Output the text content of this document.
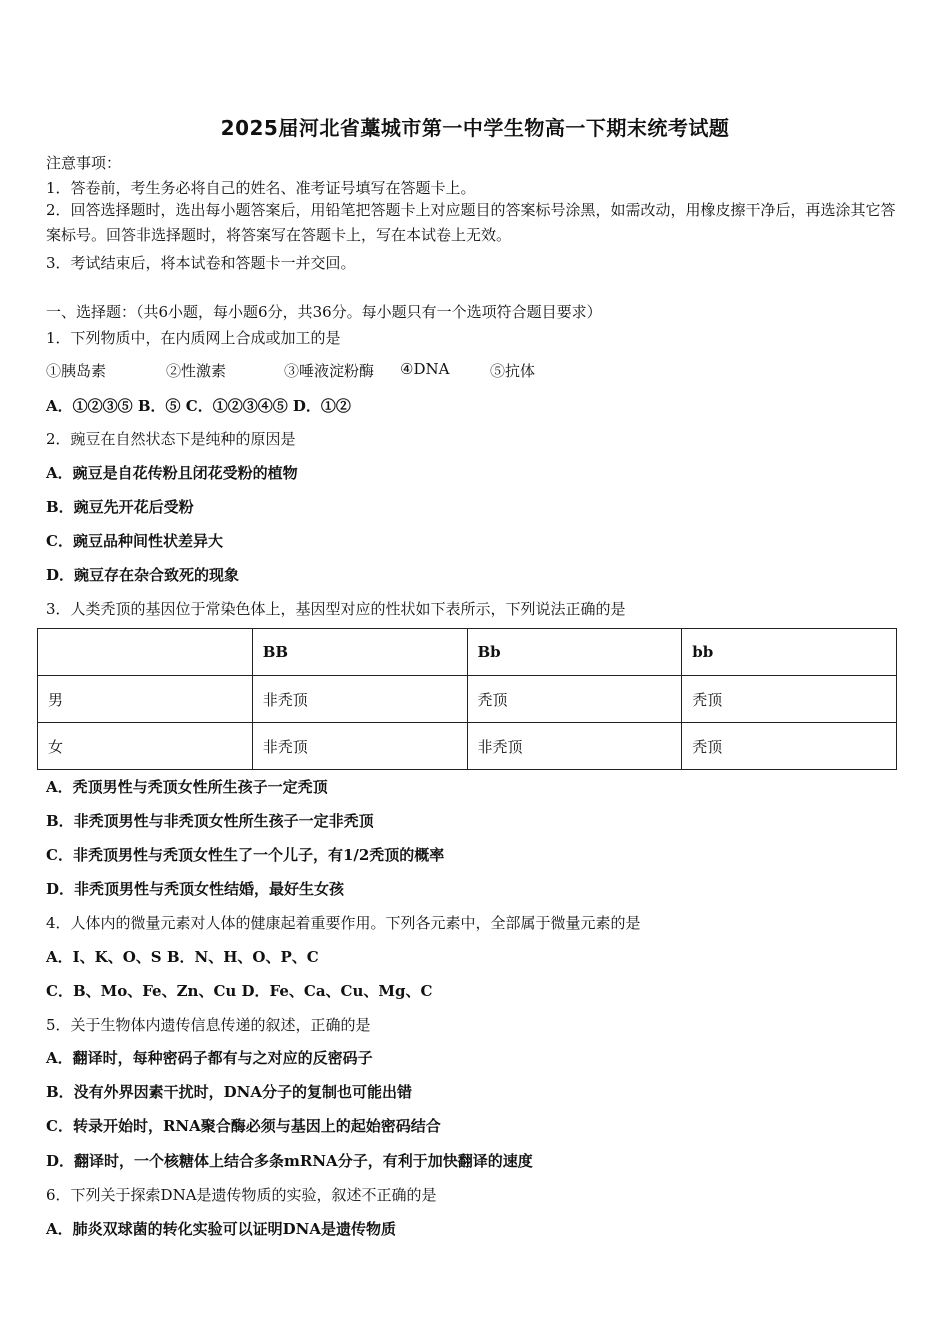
2025届河北省藁城市第一中学生物高一下期末统考试题
注意事项：
1．答卷前，考生务必将自己的姓名、准考证号填写在答题卡上。
2．回答选择题时，选出每小题答案后，用铅笔把答题卡上对应题目的答案标号涂黑，如需改动，用橡皮擦干净后，再选涂其它答案标号。回答非选择题时，将答案写在答题卡上，写在本试卷上无效。
3．考试结束后，将本试卷和答题卡一并交回。
一、选择题：（共6小题，每小题6分，共36分。每小题只有一个选项符合题目要求）
1．下列物质中，在内质网上合成或加工的是
①胰岛素	②性激素	③唾液淀粉酶 ④DNA	⑤抗体
A．①②③⑤ B．⑤ C．①②③④⑤ D．①②
2．豌豆在自然状态下是纯种的原因是
A．豌豆是自花传粉且闭花受粉的植物
B．豌豆先开花后受粉
C．豌豆品种间性状差异大
D．豌豆存在杂合致死的现象
3．人类秃顶的基因位于常染色体上，基因型对应的性状如下表所示，下列说法正确的是
	BB	Bb	bb
男	非秃顶	秃顶	秃顶
女	非秃顶	非秃顶	秃顶
A．秃顶男性与秃顶女性所生孩子一定秃顶
B．非秃顶男性与非秃顶女性所生孩子一定非秃顶
C．非秃顶男性与秃顶女性生了一个儿子，有1/2秃顶的概率
D．非秃顶男性与秃顶女性结婚，最好生女孩
4．人体内的微量元素对人体的健康起着重要作用。下列各元素中，全部属于微量元素的是
A．I、K、O、S B．N、H、O、P、C
C．B、Mo、Fe、Zn、Cu D．Fe、Ca、Cu、Mg、C
5．关于生物体内遗传信息传递的叙述，正确的是
A．翻译时，每种密码子都有与之对应的反密码子
B．没有外界因素干扰时，DNA分子的复制也可能出错
C．转录开始时，RNA聚合酶必须与基因上的起始密码结合
D．翻译时，一个核糖体上结合多条mRNA分子，有利于加快翻译的速度
6．下列关于探索DNA是遗传物质的实验，叙述不正确的是
A．肺炎双球菌的转化实验可以证明DNA是遗传物质
